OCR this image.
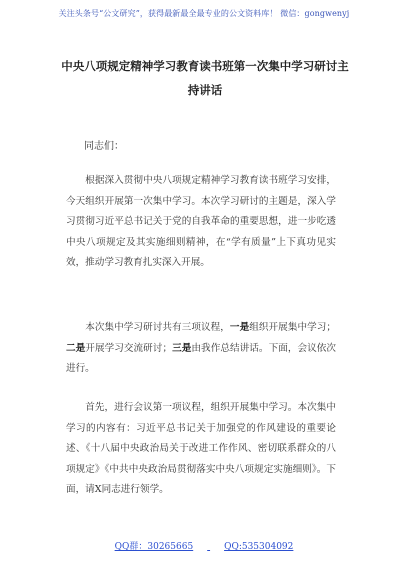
关注头条号“公文研究”，获得最新最全最专业的公文资料库！ 微信：gongwenyj
中央八项规定精神学习教育读书班第一次集中学习研讨主持讲话
同志们：

根据深入贯彻中央八项规定精神学习教育读书班学习安排，今天组织开展第一次集中学习。本次学习研讨的主题是，深入学习贯彻习近平总书记关于党的自我革命的重要思想，进一步吃透中央八项规定及其实施细则精神，在“学有质量”上下真功见实效，推动学习教育扎实深入开展。

本次集中学习研讨共有三项议程，一是组织开展集中学习；二是开展学习交流研讨；三是由我作总结讲话。下面，会议依次进行。

首先，进行会议第一项议程，组织开展集中学习。本次集中学习的内容有：习近平总书记关于加强党的作风建设的重要论述、《十八届中央政治局关于改进工作作风、密切联系群众的八项规定》《中共中央政治局贯彻落实中央八项规定实施细则》。下面，请X同志进行领学。

QQ群：30265665	QQ:535304092
